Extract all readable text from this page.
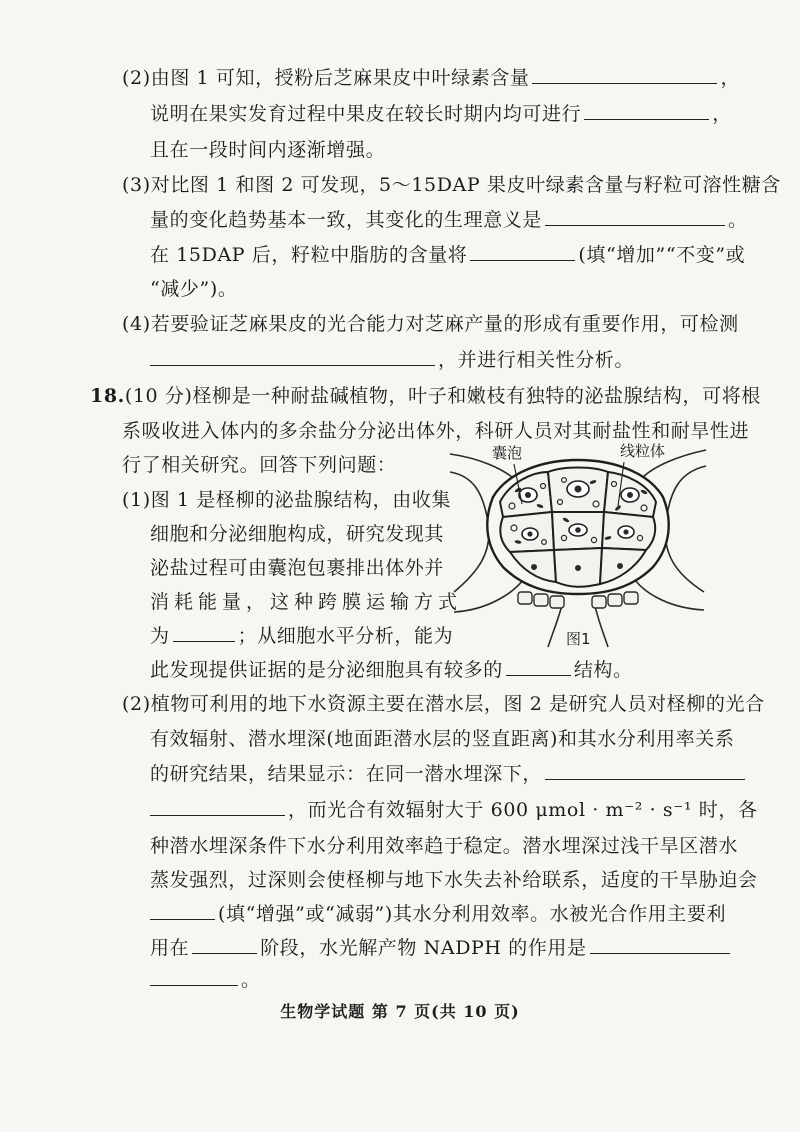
(2)由图 1 可知，授粉后芝麻果皮中叶绿素含量	，
说明在果实发育过程中果皮在较长时期内均可进行	，
且在一段时间内逐渐增强。
(3)对比图 1 和图 2 可发现，5～15DAP 果皮叶绿素含量与籽粒可溶性糖含
量的变化趋势基本一致，其变化的生理意义是	。
在 15DAP 后，籽粒中脂肪的含量将	(填“增加”“不变”或
“减少”)。
(4)若要验证芝麻果皮的光合能力对芝麻产量的形成有重要作用，可检测
，并进行相关性分析。
18.(10 分)柽柳是一种耐盐碱植物，叶子和嫩枝有独特的泌盐腺结构，可将根
系吸收进入体内的多余盐分分泌出体外，科研人员对其耐盐性和耐旱性进
行了相关研究。回答下列问题：
(1)图 1 是柽柳的泌盐腺结构，由收集
细胞和分泌细胞构成，研究发现其
泌盐过程可由囊泡包裹排出体外并
消耗能量，这种跨膜运输方式
为	；从细胞水平分析，能为
此发现提供证据的是分泌细胞具有较多的	结构。
(2)植物可利用的地下水资源主要在潜水层，图 2 是研究人员对柽柳的光合
有效辐射、潜水埋深(地面距潜水层的竖直距离)和其水分利用率关系
的研究结果，结果显示：在同一潜水埋深下，
，而光合有效辐射大于 600 μmol · m⁻² · s⁻¹ 时，各
种潜水埋深条件下水分利用效率趋于稳定。潜水埋深过浅干旱区潜水
蒸发强烈，过深则会使柽柳与地下水失去补给联系，适度的干旱胁迫会
(填“增强”或“减弱”)其水分利用效率。水被光合作用主要利
用在	阶段，水光解产物 NADPH 的作用是
。
囊泡	线粒体
图1
生物学试题 第 7 页(共 10 页)
